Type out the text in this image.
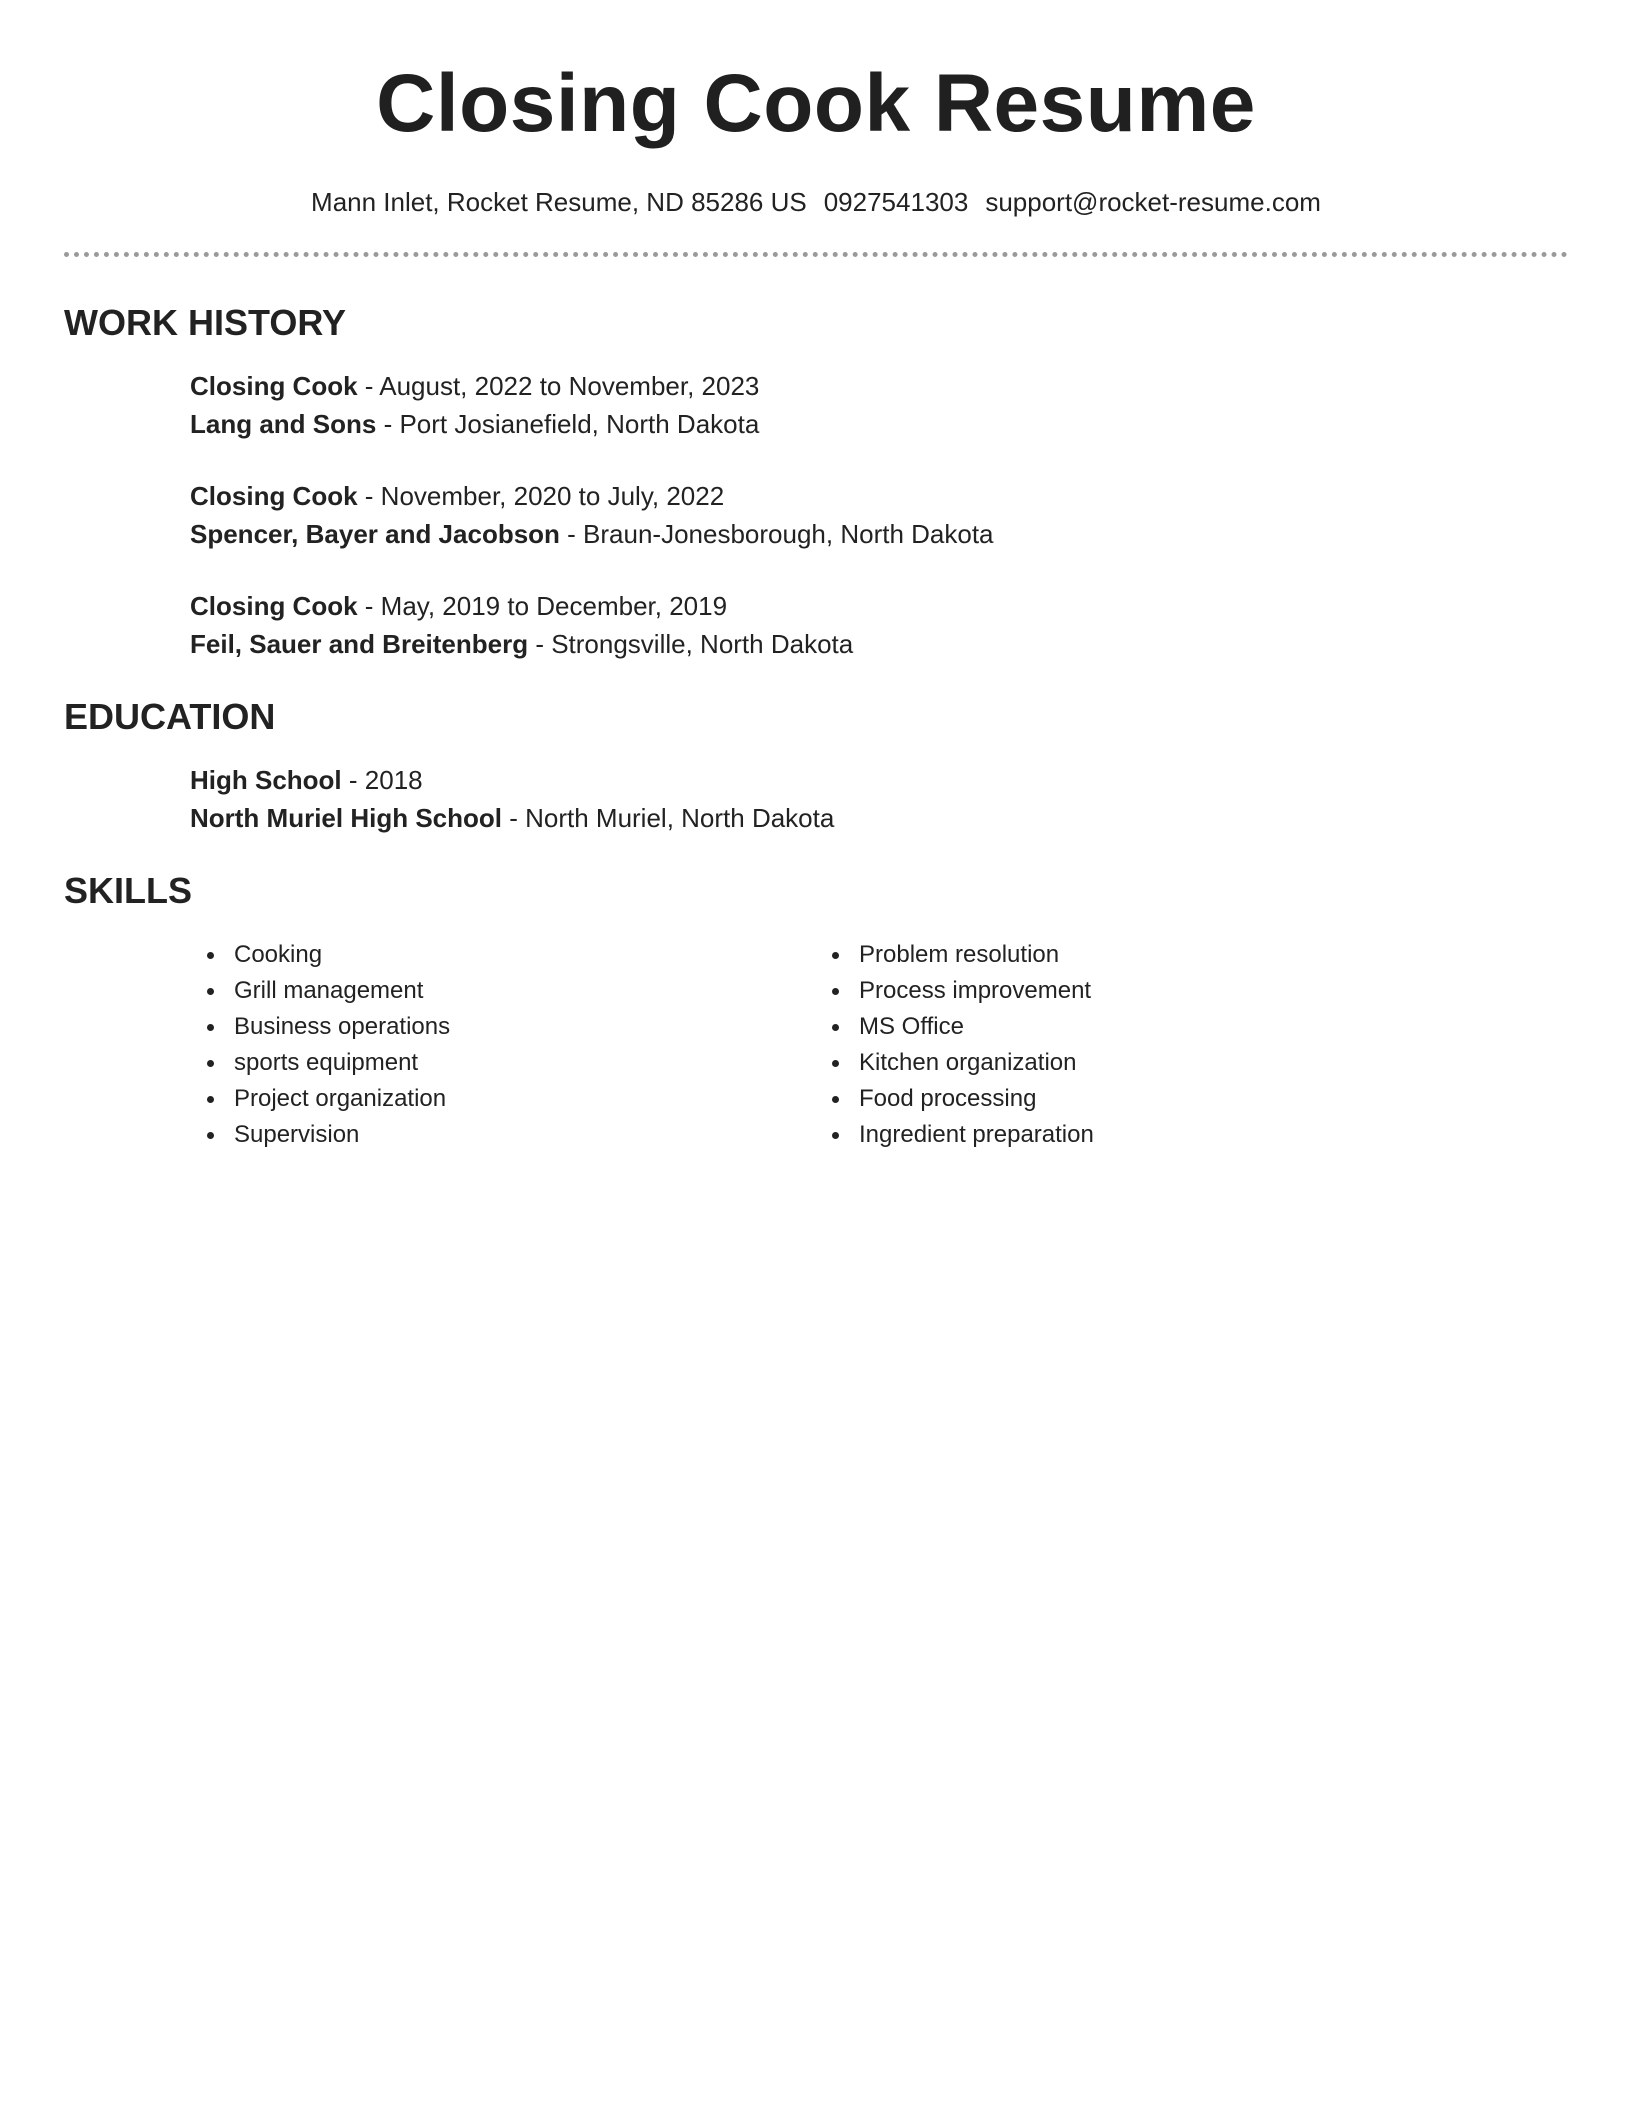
Closing Cook Resume
Mann Inlet, Rocket Resume, ND 85286 US 0927541303 support@rocket-resume.com
WORK HISTORY
Closing Cook - August, 2022 to November, 2023
Lang and Sons - Port Josianefield, North Dakota
Closing Cook - November, 2020 to July, 2022
Spencer, Bayer and Jacobson - Braun-Jonesborough, North Dakota
Closing Cook - May, 2019 to December, 2019
Feil, Sauer and Breitenberg - Strongsville, North Dakota
EDUCATION
High School - 2018
North Muriel High School - North Muriel, North Dakota
SKILLS
Cooking
Grill management
Business operations
sports equipment
Project organization
Supervision
Problem resolution
Process improvement
MS Office
Kitchen organization
Food processing
Ingredient preparation
